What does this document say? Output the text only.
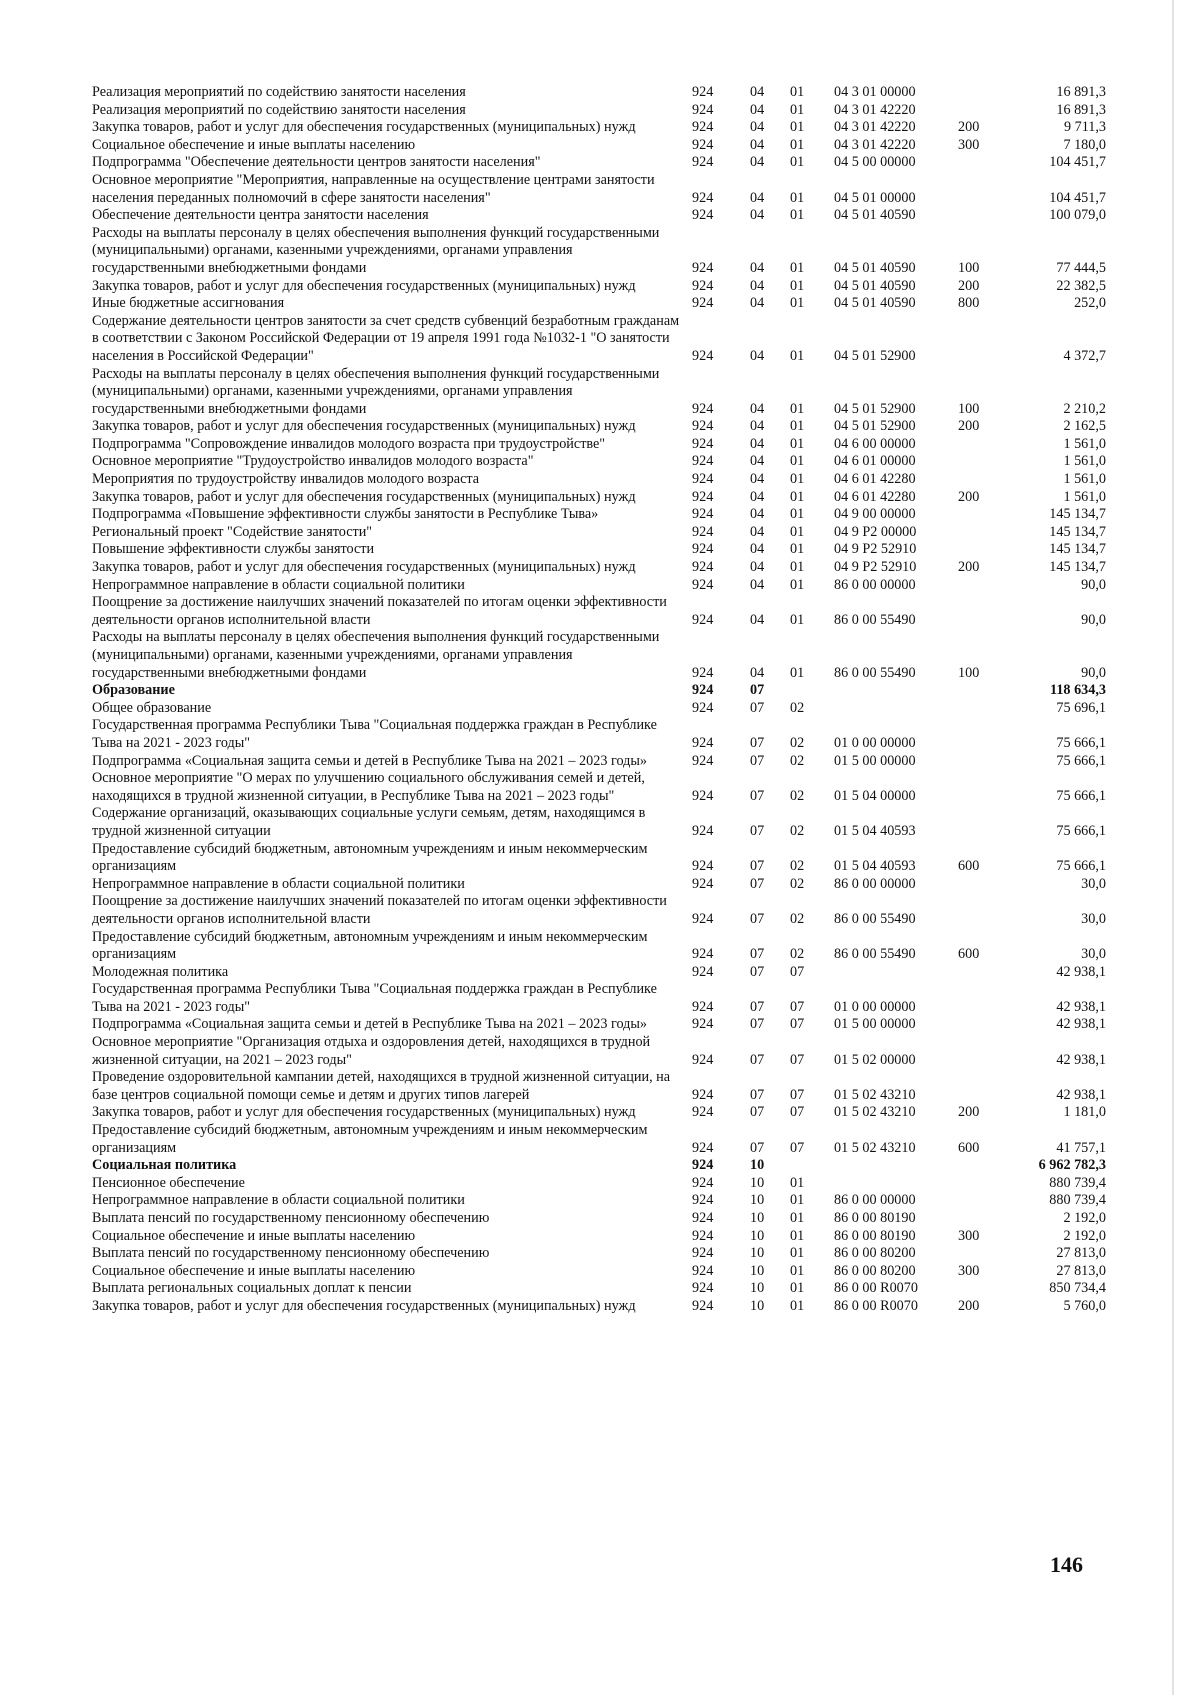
Реализация мероприятий по содействию занятости населения	924	04	01	04 3 01 00000	16 891,3
Реализация мероприятий по содействию занятости населения	924	04	01	04 3 01 42220	16 891,3
Закупка товаров, работ и услуг для обеспечения государственных (муниципальных) нужд	924	04	01	04 3 01 42220	200	9 711,3
Социальное обеспечение и иные выплаты населению	924	04	01	04 3 01 42220	300	7 180,0
Подпрограмма "Обеспечение деятельности центров занятости населения"	924	04	01	04 5 00 00000	104 451,7
Основное мероприятие "Мероприятия, направленные на осуществление центрами занятости населения переданных полномочий в сфере занятости населения"	924	04	01	04 5 01 00000	104 451,7
Обеспечение деятельности центра занятости населения	924	04	01	04 5 01 40590	100 079,0
Расходы на выплаты персоналу в целях обеспечения выполнения функций государственными (муниципальными) органами, казенными учреждениями, органами управления государственными внебюджетными фондами	924	04	01	04 5 01 40590	100	77 444,5
Закупка товаров, работ и услуг для обеспечения государственных (муниципальных) нужд	924	04	01	04 5 01 40590	200	22 382,5
Иные бюджетные ассигнования	924	04	01	04 5 01 40590	800	252,0
Содержание деятельности центров занятости за счет средств субвенций безработным гражданам в соответствии с Законом Российской Федерации от 19 апреля 1991 года №1032-1 "О занятости населения в Российской Федерации"	924	04	01	04 5 01 52900	4 372,7
Расходы на выплаты персоналу в целях обеспечения выполнения функций государственными (муниципальными) органами, казенными учреждениями, органами управления государственными внебюджетными фондами	924	04	01	04 5 01 52900	100	2 210,2
Закупка товаров, работ и услуг для обеспечения государственных (муниципальных) нужд	924	04	01	04 5 01 52900	200	2 162,5
Подпрограмма "Сопровождение инвалидов молодого возраста при трудоустройстве"	924	04	01	04 6 00 00000	1 561,0
Основное мероприятие "Трудоустройство инвалидов молодого возраста"	924	04	01	04 6 01 00000	1 561,0
Мероприятия по трудоустройству инвалидов молодого возраста	924	04	01	04 6 01 42280	1 561,0
Закупка товаров, работ и услуг для обеспечения государственных (муниципальных) нужд	924	04	01	04 6 01 42280	200	1 561,0
Подпрограмма «Повышение эффективности службы занятости в Республике Тыва»	924	04	01	04 9 00 00000	145 134,7
Региональный проект "Содействие занятости"	924	04	01	04 9 P2 00000	145 134,7
Повышение эффективности службы занятости	924	04	01	04 9 P2 52910	145 134,7
Закупка товаров, работ и услуг для обеспечения государственных (муниципальных) нужд	924	04	01	04 9 P2 52910	200	145 134,7
Непрограммное направление в области социальной политики	924	04	01	86 0 00 00000	90,0
Поощрение за достижение наилучших значений показателей по итогам оценки эффективности деятельности органов исполнительной власти	924	04	01	86 0 00 55490	90,0
Расходы на выплаты персоналу в целях обеспечения выполнения функций государственными (муниципальными) органами, казенными учреждениями, органами управления государственными внебюджетными фондами	924	04	01	86 0 00 55490	100	90,0
Образование	924	07	118 634,3
Общее образование	924	07	02	75 696,1
Государственная программа Республики Тыва "Социальная поддержка граждан в Республике Тыва на 2021 - 2023 годы"	924	07	02	01 0 00 00000	75 666,1
Подпрограмма «Социальная защита семьи и детей в Республике Тыва на 2021 – 2023 годы»	924	07	02	01 5 00 00000	75 666,1
Основное мероприятие "О мерах по улучшению социального обслуживания семей и детей, находящихся в трудной жизненной ситуации, в Республике Тыва на 2021 – 2023 годы"	924	07	02	01 5 04 00000	75 666,1
Содержание организаций, оказывающих социальные услуги семьям, детям, находящимся в трудной жизненной ситуации	924	07	02	01 5 04 40593	75 666,1
Предоставление субсидий бюджетным, автономным учреждениям и иным некоммерческим организациям	924	07	02	01 5 04 40593	600	75 666,1
Непрограммное направление в области социальной политики	924	07	02	86 0 00 00000	30,0
Поощрение за достижение наилучших значений показателей по итогам оценки эффективности деятельности органов исполнительной власти	924	07	02	86 0 00 55490	30,0
Предоставление субсидий бюджетным, автономным учреждениям и иным некоммерческим организациям	924	07	02	86 0 00 55490	600	30,0
Молодежная политика	924	07	07	42 938,1
Государственная программа Республики Тыва "Социальная поддержка граждан в Республике Тыва на 2021 - 2023 годы"	924	07	07	01 0 00 00000	42 938,1
Подпрограмма «Социальная защита семьи и детей в Республике Тыва на 2021 – 2023 годы»	924	07	07	01 5 00 00000	42 938,1
Основное мероприятие "Организация отдыха и оздоровления детей, находящихся в трудной жизненной ситуации, на 2021 – 2023 годы"	924	07	07	01 5 02 00000	42 938,1
Проведение оздоровительной кампании детей, находящихся в трудной жизненной ситуации, на базе центров социальной помощи семье и детям и других типов лагерей	924	07	07	01 5 02 43210	42 938,1
Закупка товаров, работ и услуг для обеспечения государственных (муниципальных) нужд	924	07	07	01 5 02 43210	200	1 181,0
Предоставление субсидий бюджетным, автономным учреждениям и иным некоммерческим организациям	924	07	07	01 5 02 43210	600	41 757,1
Социальная политика	924	10	6 962 782,3
Пенсионное обеспечение	924	10	01	880 739,4
Непрограммное направление в области социальной политики	924	10	01	86 0 00 00000	880 739,4
Выплата пенсий по государственному пенсионному обеспечению	924	10	01	86 0 00 80190	2 192,0
Социальное обеспечение и иные выплаты населению	924	10	01	86 0 00 80190	300	2 192,0
Выплата пенсий по государственному пенсионному обеспечению	924	10	01	86 0 00 80200	27 813,0
Социальное обеспечение и иные выплаты населению	924	10	01	86 0 00 80200	300	27 813,0
Выплата региональных социальных доплат к пенсии	924	10	01	86 0 00 R0070	850 734,4
Закупка товаров, работ и услуг для обеспечения государственных (муниципальных) нужд	924	10	01	86 0 00 R0070	200	5 760,0
146
